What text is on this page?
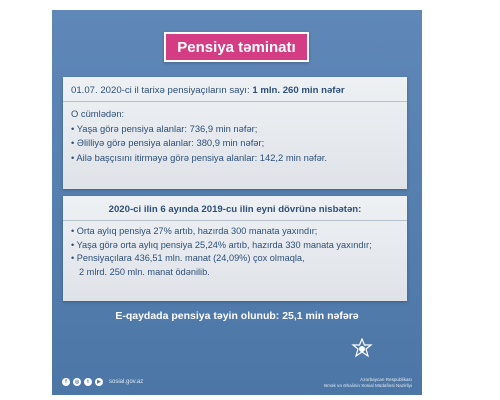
Pensiya təminatı
01.07. 2020-ci il tarixə pensiyaçıların sayı: 1 mln. 260 min nəfər
O cümlədən:
• Yaşa görə pensiya alanlar: 736,9 min nəfər;
• Əlilliyə görə pensiya alanlar: 380,9 min nəfər;
• Ailə başçısını itirməyə görə pensiya alanlar: 142,2 min nəfər.
2020-ci ilin 6 ayında 2019-cu ilin eyni dövrünə nisbətən:
• Orta aylıq pensiya 27% artıb, hazırda 300 manata yaxındır;
• Yaşa görə orta aylıq pensiya 25,24% artıb, hazırda 330 manata yaxındır;
• Pensiyaçılara 436,51 mln. manat (24,09%) çox olmaqla,
2 mlrd. 250 mln. manat ödənilib.
E-qaydada pensiya təyin olunub: 25,1 min nəfərə
f	◎	t	▶	sosial.gov.az	Azərbaycan Respublikası
Əmək və Əhalinin Sosial Müdafiəsi Nazirliyi
